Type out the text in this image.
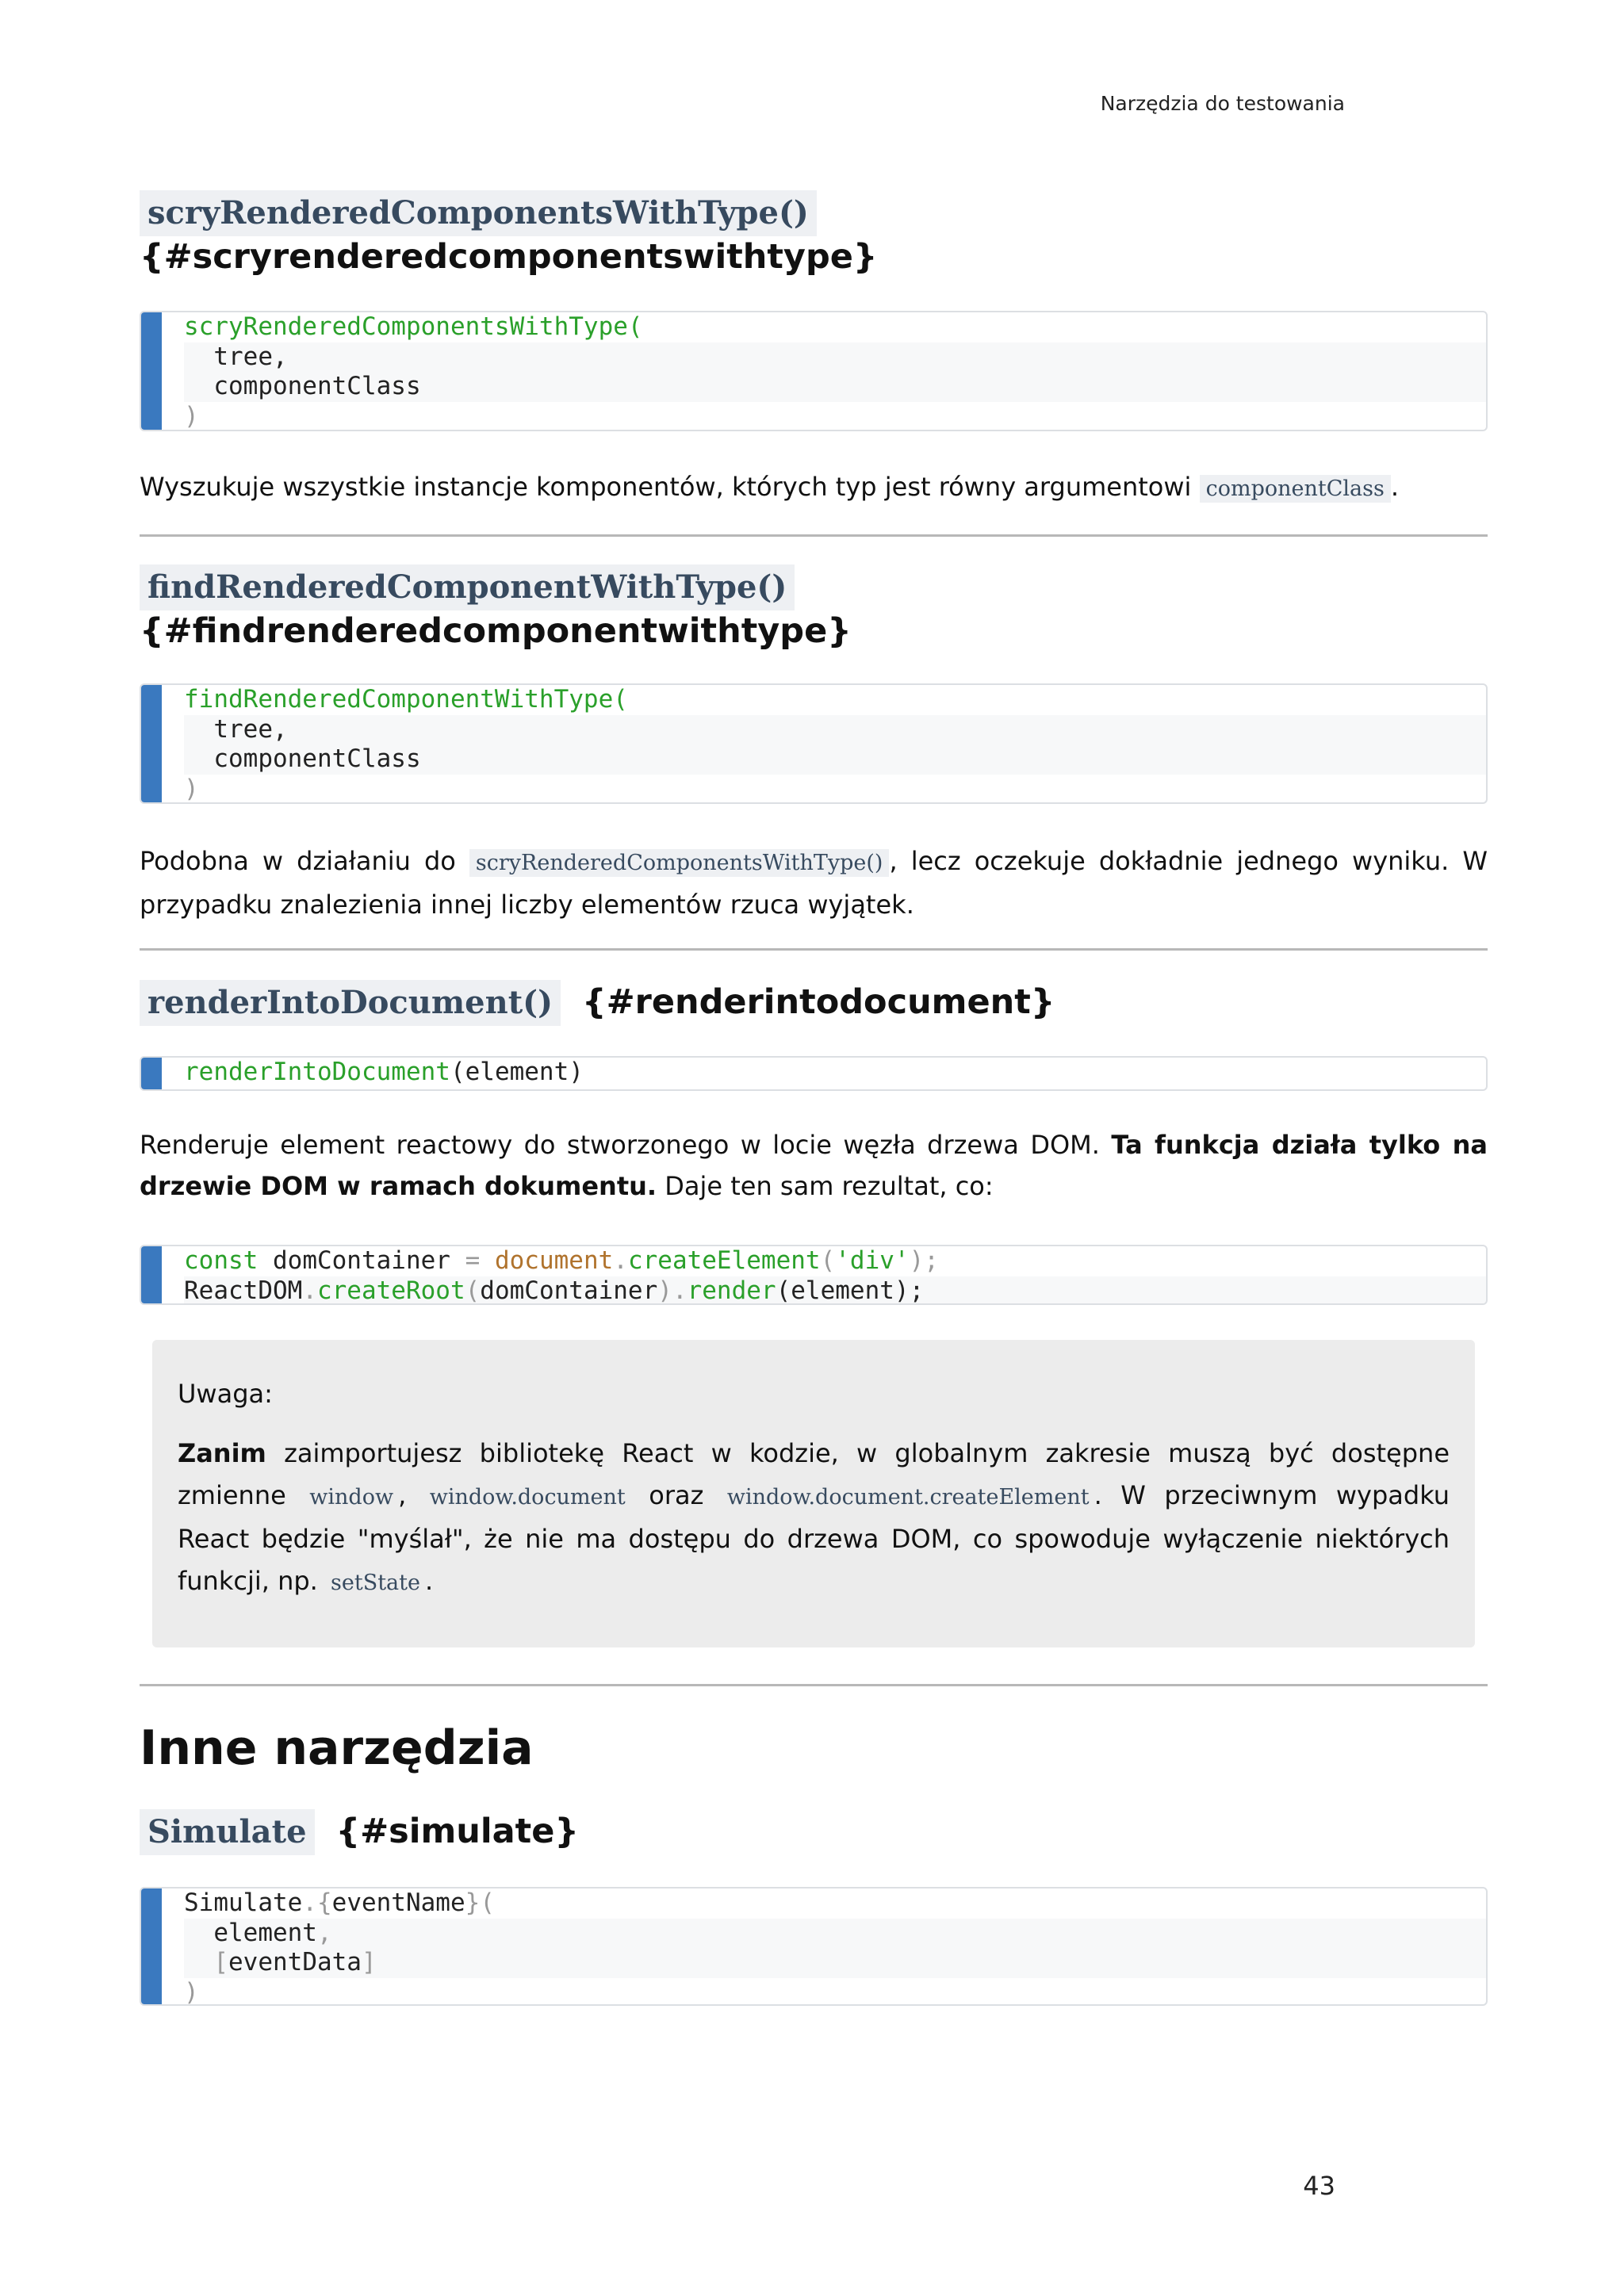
Narzędzia do testowania
scryRenderedComponentsWithType()
{#scryrenderedcomponentswithtype}
scryRenderedComponentsWithType(
tree,
componentClass
)
Wyszukuje wszystkie instancje komponentów, których typ jest równy argumentowi componentClass .
findRenderedComponentWithType()
{#findrenderedcomponentwithtype}
findRenderedComponentWithType(
tree,
componentClass
)
Podobna w działaniu do scryRenderedComponentsWithType() , lecz oczekuje dokładnie jednego wyniku. W przypadku znalezienia innej liczby elementów rzuca wyjątek.
renderIntoDocument() {#renderintodocument}
renderIntoDocument(element)
Renderuje element reactowy do stworzonego w locie węzła drzewa DOM. Ta funkcja działa tylko na drzewie DOM w ramach dokumentu. Daje ten sam rezultat, co:
const domContainer = document.createElement('div');
ReactDOM.createRoot(domContainer).render(element);
Uwaga:
Zanim zaimportujesz bibliotekę React w kodzie, w globalnym zakresie muszą być dostępne zmienne window , window.document oraz window.document.createElement . W przeciwnym wypadku React będzie "myślał", że nie ma dostępu do drzewa DOM, co spowoduje wyłączenie niektórych funkcji, np. setState .
Inne narzędzia
Simulate {#simulate}
Simulate.{eventName}(
element,
[eventData]
)
43
